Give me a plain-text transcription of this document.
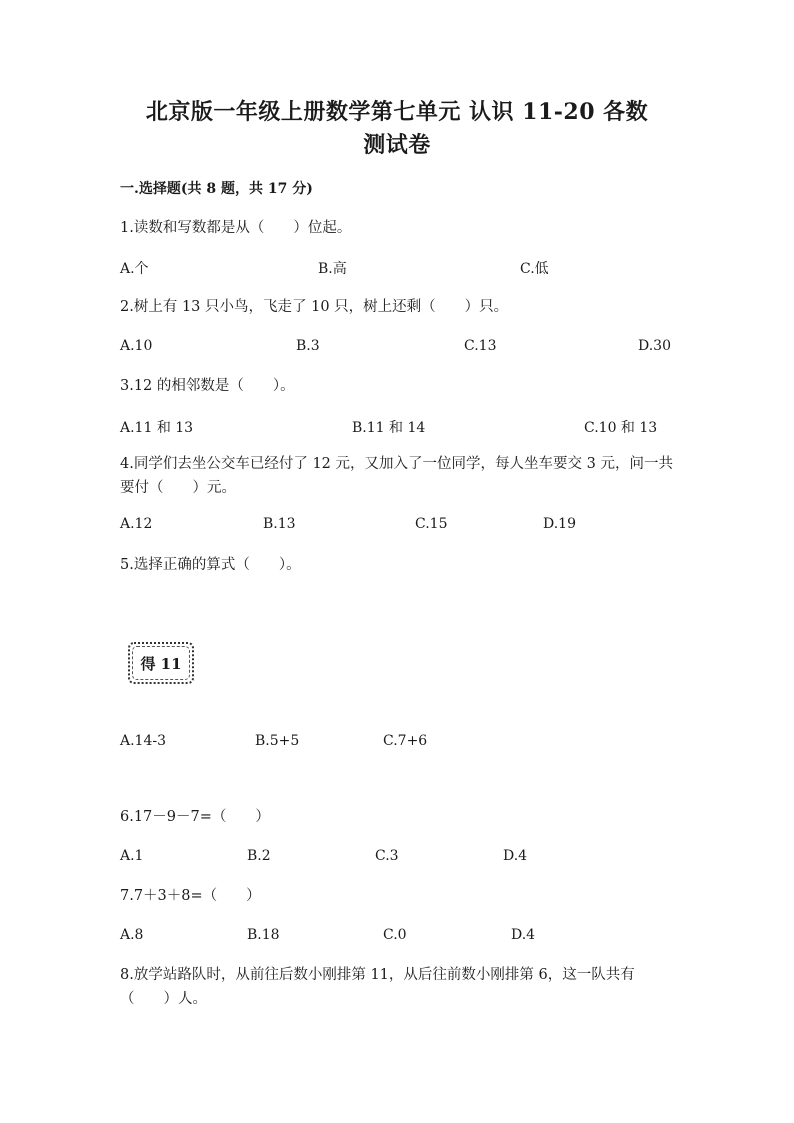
北京版一年级上册数学第七单元 认识 11-20 各数
测试卷
一.选择题(共 8 题，共 17 分)
1.读数和写数都是从（　　）位起。
A.个	B.高	C.低
2.树上有 13 只小鸟，飞走了 10 只，树上还剩（　　）只。
A.10	B.3	C.13	D.30
3.12 的相邻数是（　　）。
A.11 和 13	B.11 和 14	C.10 和 13
4.同学们去坐公交车已经付了 12 元，又加入了一位同学，每人坐车要交 3 元，问一共要付（　　）元。
A.12	B.13	C.15	D.19
5.选择正确的算式（　　）。
得 11
A.14-3	B.5+5	C.7+6
6.17－9－7=（　　）
A.1	B.2	C.3	D.4
7.7＋3＋8=（　　）
A.8	B.18	C.0	D.4
8.放学站路队时，从前往后数小刚排第 11，从后往前数小刚排第 6，这一队共有（　　）人。
